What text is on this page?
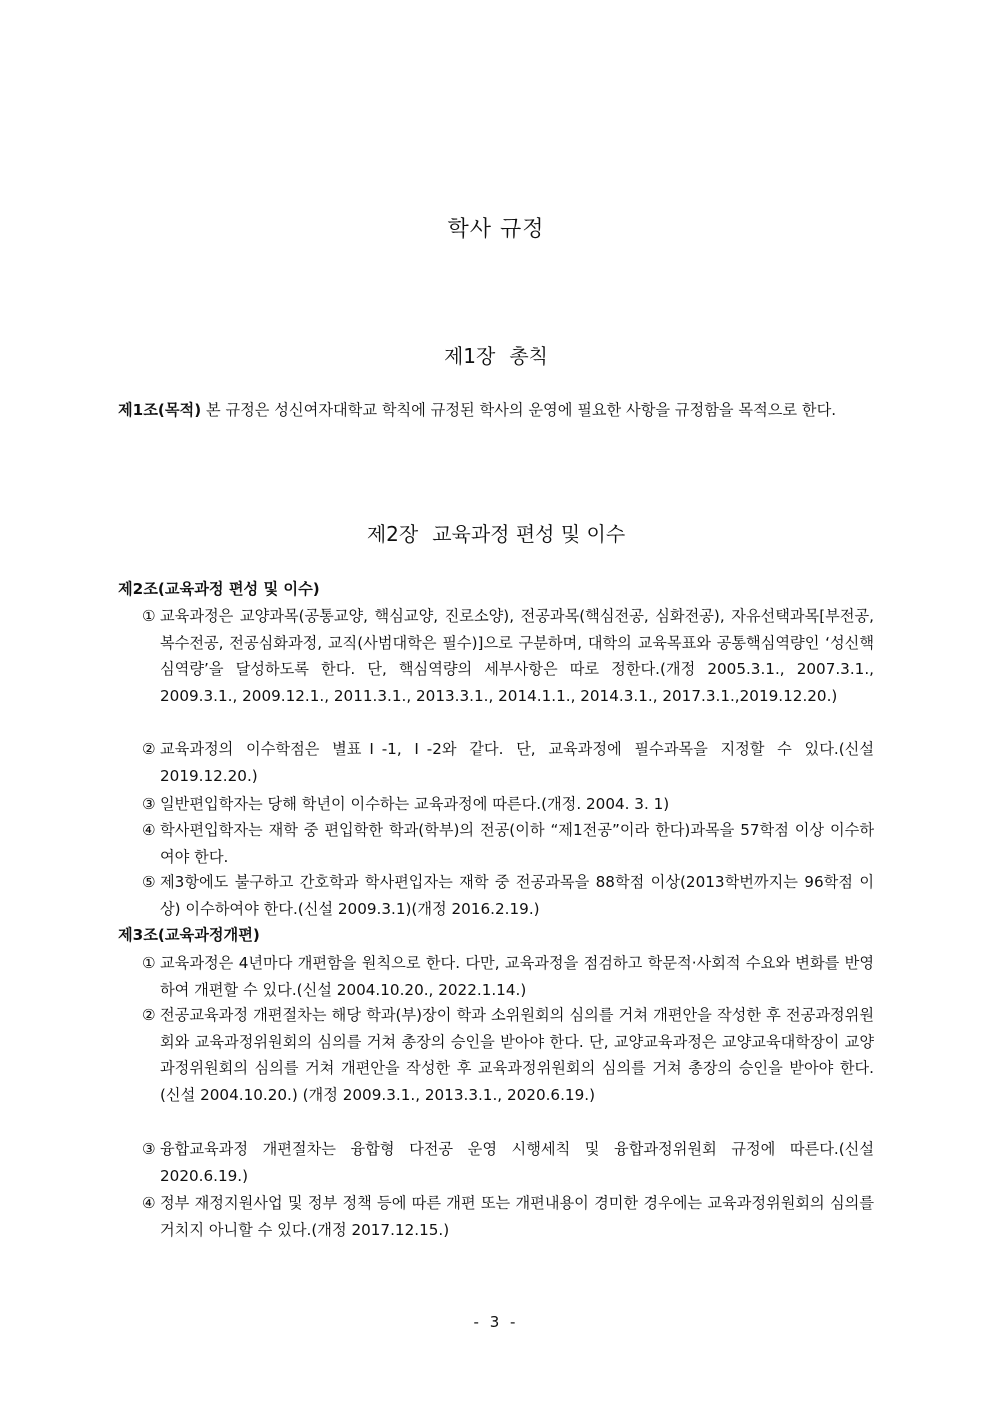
학사 규정
제1장 총칙
제1조(목적) 본 규정은 성신여자대학교 학칙에 규정된 학사의 운영에 필요한 사항을 규정함을 목적으로 한다.
제2장 교육과정 편성 및 이수
제2조(교육과정 편성 및 이수)
① 교육과정은 교양과목(공통교양, 핵심교양, 진로소양), 전공과목(핵심전공, 심화전공), 자유선택과목[부전공, 복수전공, 전공심화과정, 교직(사범대학은 필수)]으로 구분하며, 대학의 교육목표와 공통핵심역량인 ‘성신핵심역량’을 달성하도록 한다. 단, 핵심역량의 세부사항은 따로 정한다.(개정 2005.3.1., 2007.3.1., 2009.3.1., 2009.12.1., 2011.3.1., 2013.3.1., 2014.1.1., 2014.3.1., 2017.3.1.,2019.12.20.)
② 교육과정의 이수학점은 별표Ⅰ-1, Ⅰ-2와 같다. 단, 교육과정에 필수과목을 지정할 수 있다.(신설 2019.12.20.)
③ 일반편입학자는 당해 학년이 이수하는 교육과정에 따른다.(개정. 2004. 3. 1)
④ 학사편입학자는 재학 중 편입학한 학과(학부)의 전공(이하 “제1전공”이라 한다)과목을 57학점 이상 이수하여야 한다.
⑤ 제3항에도 불구하고 간호학과 학사편입자는 재학 중 전공과목을 88학점 이상(2013학번까지는 96학점 이상) 이수하여야 한다.(신설 2009.3.1)(개정 2016.2.19.)
제3조(교육과정개편)
① 교육과정은 4년마다 개편함을 원칙으로 한다. 다만, 교육과정을 점검하고 학문적·사회적 수요와 변화를 반영하여 개편할 수 있다.(신설 2004.10.20., 2022.1.14.)
② 전공교육과정 개편절차는 해당 학과(부)장이 학과 소위원회의 심의를 거쳐 개편안을 작성한 후 전공과정위원회와 교육과정위원회의 심의를 거쳐 총장의 승인을 받아야 한다. 단, 교양교육과정은 교양교육대학장이 교양과정위원회의 심의를 거쳐 개편안을 작성한 후 교육과정위원회의 심의를 거쳐 총장의 승인을 받아야 한다. (신설 2004.10.20.) (개정 2009.3.1., 2013.3.1., 2020.6.19.)
③ 융합교육과정 개편절차는 융합형 다전공 운영 시행세칙 및 융합과정위원회 규정에 따른다.(신설 2020.6.19.)
④ 정부 재정지원사업 및 정부 정책 등에 따른 개편 또는 개편내용이 경미한 경우에는 교육과정위원회의 심의를 거치지 아니할 수 있다.(개정 2017.12.15.)
- 3 -
